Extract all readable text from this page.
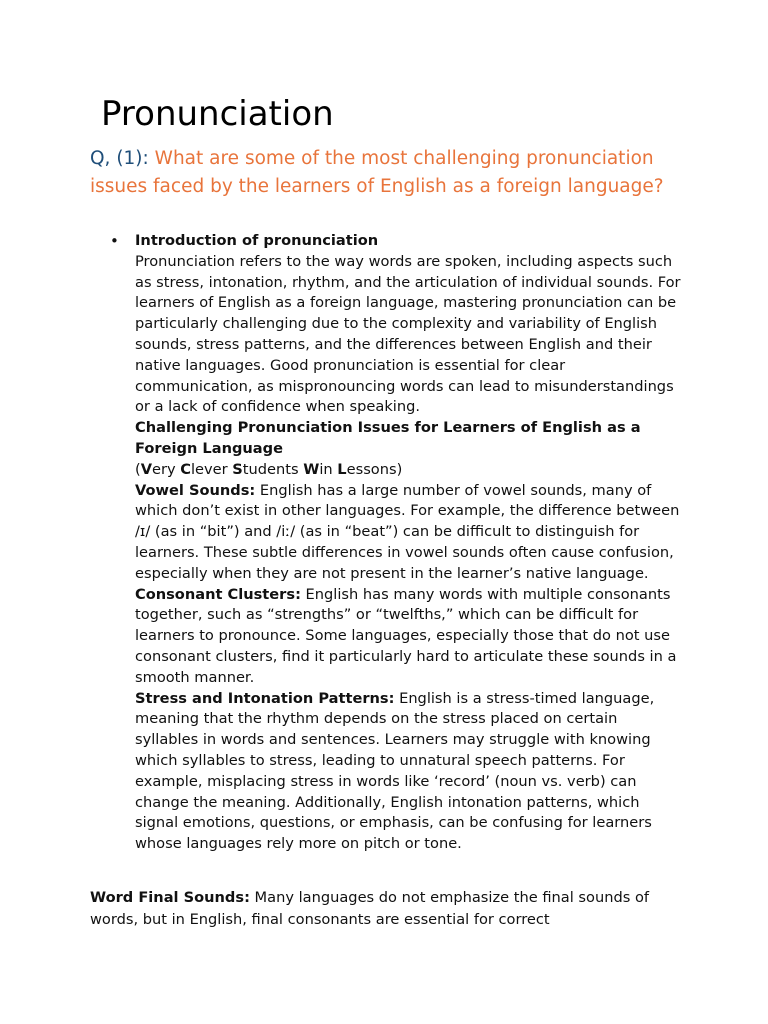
Pronunciation

Q, (1): What are some of the most challenging pronunciation issues faced by the learners of English as a foreign language?

• Introduction of pronunciation

Pronunciation refers to the way words are spoken, including aspects such as stress, intonation, rhythm, and the articulation of individual sounds. For learners of English as a foreign language, mastering pronunciation can be particularly challenging due to the complexity and variability of English sounds, stress patterns, and the differences between English and their native languages. Good pronunciation is essential for clear communication, as mispronouncing words can lead to misunderstandings or a lack of confidence when speaking.

Challenging Pronunciation Issues for Learners of English as a Foreign Language

(Very Clever Students Win Lessons)

Vowel Sounds: English has a large number of vowel sounds, many of which don’t exist in other languages. For example, the difference between /ɪ/ (as in “bit”) and /iː/ (as in “beat”) can be difficult to distinguish for learners. These subtle differences in vowel sounds often cause confusion, especially when they are not present in the learner’s native language.

Consonant Clusters: English has many words with multiple consonants together, such as “strengths” or “twelfths,” which can be difficult for learners to pronounce. Some languages, especially those that do not use consonant clusters, find it particularly hard to articulate these sounds in a smooth manner.

Stress and Intonation Patterns: English is a stress-timed language, meaning that the rhythm depends on the stress placed on certain syllables in words and sentences. Learners may struggle with knowing which syllables to stress, leading to unnatural speech patterns. For example, misplacing stress in words like ‘record’ (noun vs. verb) can change the meaning. Additionally, English intonation patterns, which signal emotions, questions, or emphasis, can be confusing for learners whose languages rely more on pitch or tone.

Word Final Sounds: Many languages do not emphasize the final sounds of words, but in English, final consonants are essential for correct
